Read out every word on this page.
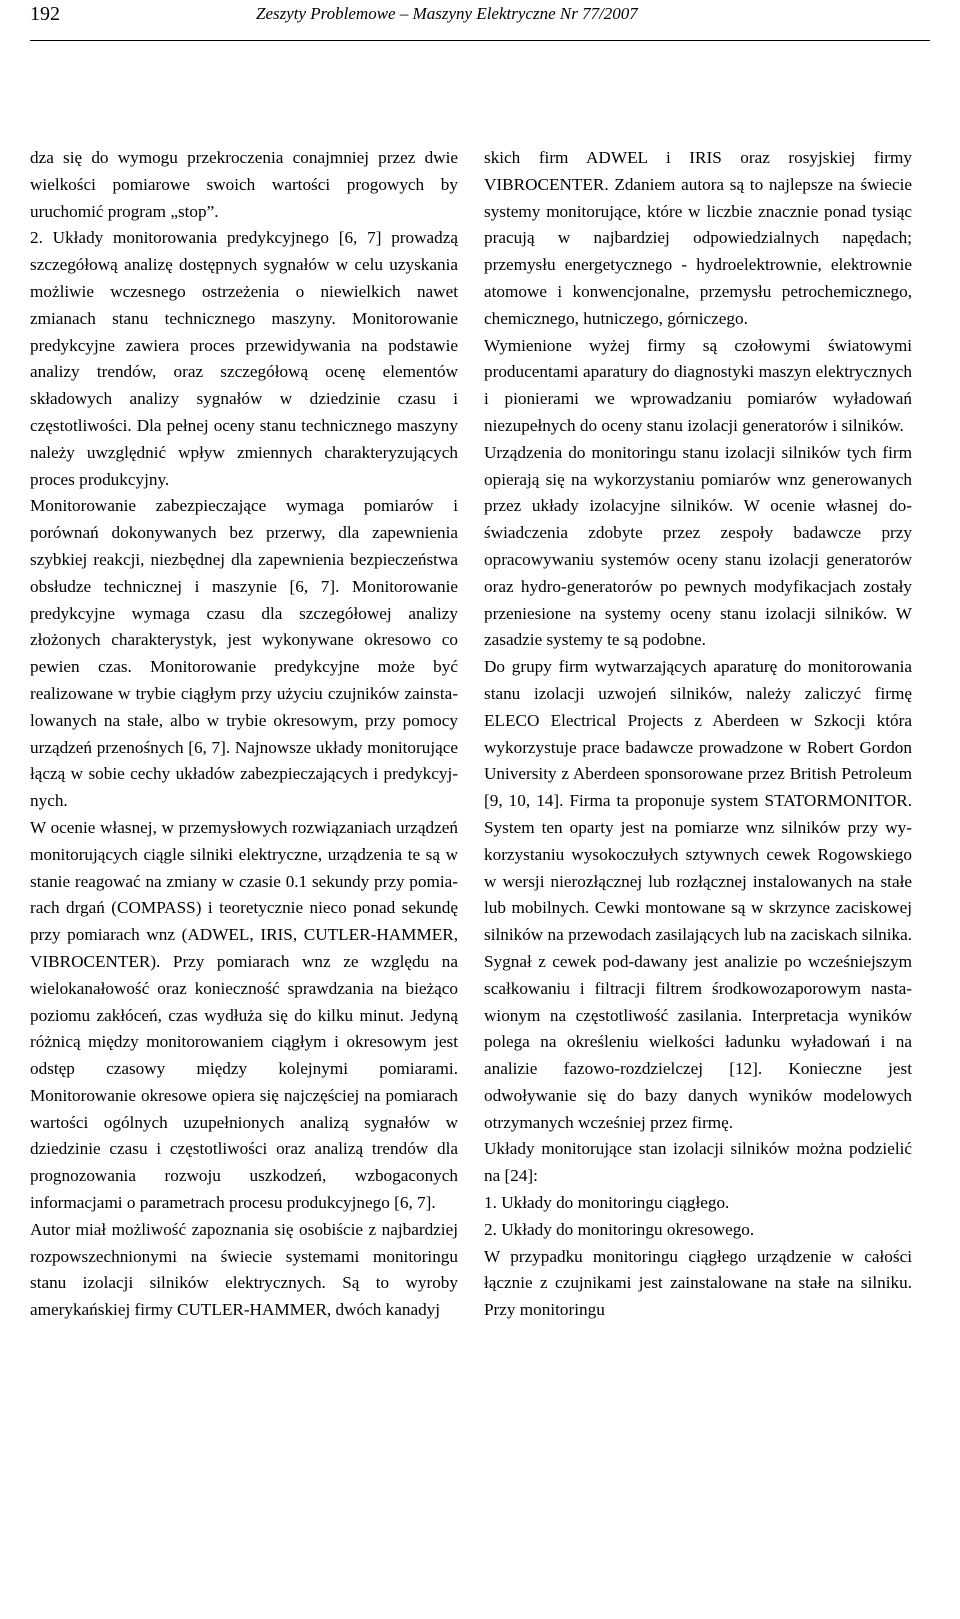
192	Zeszyty Problemowe – Maszyny Elektryczne Nr 77/2007

dza się do wymogu przekroczenia conajmniej przez dwie wielkości pomiarowe swoich wartości progowych by uruchomić program „stop”.

2. Układy monitorowania predykcyjnego [6, 7] prowadzą szczegółową analizę dostępnych sygnałów w celu uzyskania możliwie wczesnego ostrzeżenia o niewielkich nawet zmianach stanu technicznego maszyny. Monitorowanie predykcyjne zawiera proces przewidywania na podstawie analizy trendów, oraz szczegółową ocenę elementów składowych analizy sygnałów w dziedzinie czasu i częstotliwości. Dla pełnej oceny stanu technicznego maszyny należy uwzględnić wpływ zmiennych charakteryzujących proces produkcyjny.

Monitorowanie zabezpieczające wymaga pomiarów i porównań dokonywanych bez przerwy, dla zapewnienia szybkiej reakcji, niezbędnej dla zapewnienia bezpieczeństwa obsłudze technicznej i maszynie [6, 7]. Monitorowanie predykcyjne wymaga czasu dla szczegółowej analizy złożonych charakterystyk, jest wykonywane okresowo co pewien czas. Monitorowanie predykcyjne może być realizowane w trybie ciągłym przy użyciu czujników zainstalowanych na stałe, albo w trybie okresowym, przy pomocy urządzeń przenośnych [6, 7]. Najnowsze układy monitorujące łączą w sobie cechy układów zabezpieczających i predykcyjnych.

W ocenie własnej, w przemysłowych rozwiązaniach urządzeń monitorujących ciągle silniki elektryczne, urządzenia te są w stanie reagować na zmiany w czasie 0.1 sekundy przy pomiarach drgań (COMPASS) i teoretycznie nieco ponad sekundę przy pomiarach wnz (ADWEL, IRIS, CUTLER-HAMMER, VIBROCENTER). Przy pomiarach wnz ze względu na wielokanałowość oraz konieczność sprawdzania na bieżąco poziomu zakłóceń, czas wydłuża się do kilku minut. Jedyną różnicą między monitorowaniem ciągłym i okresowym jest odstęp czasowy między kolejnymi pomiarami. Monitorowanie okresowe opiera się najczęściej na pomiarach wartości ogólnych uzupełnionych analizą sygnałów w dziedzinie czasu i częstotliwości oraz analizą trendów dla prognozowania rozwoju uszkodzeń, wzbogaconych informacjami o parametrach procesu produkcyjnego [6, 7].

Autor miał możliwość zapoznania się osobiście z najbardziej rozpowszechnionymi na świecie systemami monitoringu stanu izolacji silników elektrycznych. Są to wyroby amerykańskiej firmy CUTLER-HAMMER, dwóch kanadyj

skich firm ADWEL i IRIS oraz rosyjskiej firmy VIBROCENTER. Zdaniem autora są to najlepsze na świecie systemy monitorujące, które w liczbie znacznie ponad tysiąc pracują w najbardziej odpowiedzialnych napędach; przemysłu energetycznego - hydroelektrownie, elektrownie atomowe i konwencjonalne, przemysłu petrochemicznego, chemicznego, hutniczego, górniczego.

Wymienione wyżej firmy są czołowymi światowymi producentami aparatury do diagnostyki maszyn elektrycznych i pionierami we wprowadzaniu pomiarów wyładowań niezupełnych do oceny stanu izolacji generatorów i silników.

Urządzenia do monitoringu stanu izolacji silników tych firm opierają się na wykorzystaniu pomiarów wnz generowanych przez układy izolacyjne silników. W ocenie własnej doświadczenia zdobyte przez zespoły badawcze przy opracowywaniu systemów oceny stanu izolacji generatorów oraz hydro-generatorów po pewnych modyfikacjach zostały przeniesione na systemy oceny stanu izolacji silników. W zasadzie systemy te są podobne.

Do grupy firm wytwarzających aparaturę do monitorowania stanu izolacji uzwojeń silników, należy zaliczyć firmę ELECO Electrical Projects z Aberdeen w Szkocji która wykorzystuje prace badawcze prowadzone w Robert Gordon University z Aberdeen sponsorowane przez British Petroleum [9, 10, 14]. Firma ta proponuje system STATORMONITOR. System ten oparty jest na pomiarze wnz silników przy wykorzystaniu wysokoczułych sztywnych cewek Rogowskiego w wersji nierozłącznej lub rozłącznej instalowanych na stałe lub mobilnych. Cewki montowane są w skrzynce zaciskowej silników na przewodach zasilających lub na zaciskach silnika. Sygnał z cewek pod-dawany jest analizie po wcześniejszym scałkowaniu i filtracji filtrem środkowozaporowym nastawionym na częstotliwość zasilania. Interpretacja wyników polega na określeniu wielkości ładunku wyładowań i na analizie fazowo-rozdzielczej [12]. Konieczne jest odwoływanie się do bazy danych wyników modelowych otrzymanych wcześniej przez firmę.

Układy monitorujące stan izolacji silników można podzielić na [24]:

1. Układy do monitoringu ciągłego.

2. Układy do monitoringu okresowego.

W przypadku monitoringu ciągłego urządzenie w całości łącznie z czujnikami jest zainstalowane na stałe na silniku. Przy monitoringu
